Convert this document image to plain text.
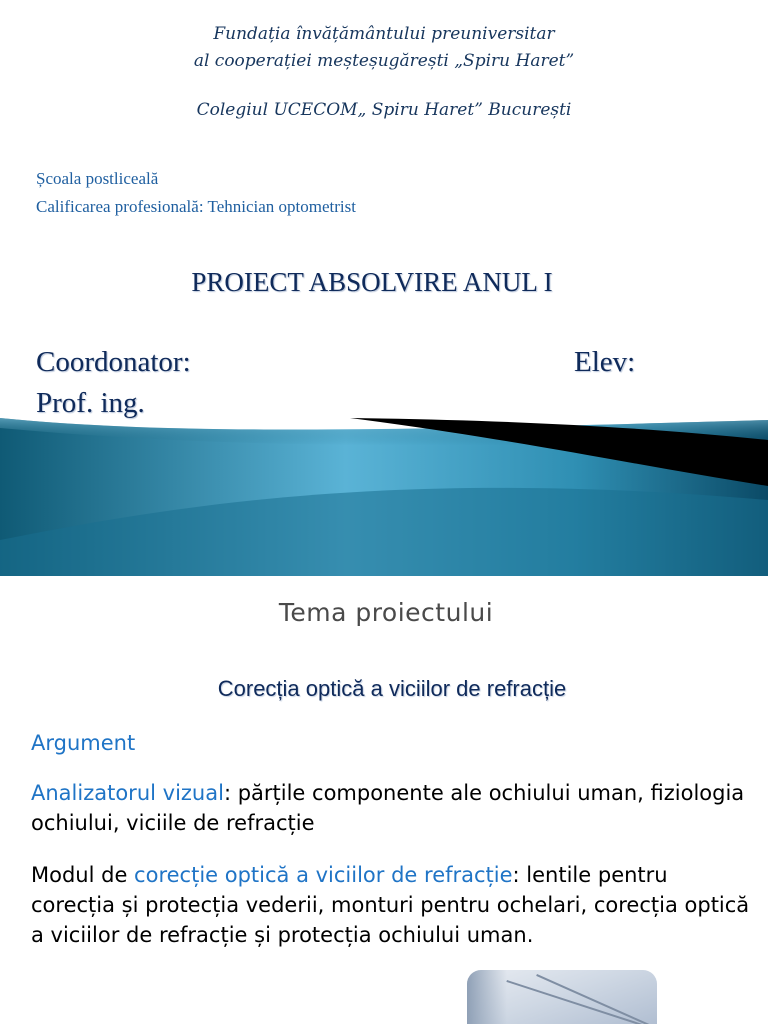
Fundația învățământului preuniversitar
al cooperației meșteșugărești „Spiru Haret”
Colegiul UCECOM„ Spiru Haret” București
Școala postliceală
Calificarea profesională: Tehnician optometrist
PROIECT ABSOLVIRE ANUL I
Coordonator:
Prof. ing.
Elev:
Tema proiectului
Corecția optică a viciilor de refracție
Argument
Analizatorul vizual: părțile componente ale ochiului uman, fiziologia ochiului, viciile de refracție
Modul de corecție optică a viciilor de refracție: lentile pentru corecția și protecția vederii, monturi pentru ochelari, corecția optică a viciilor de refracție și protecția ochiului uman.
